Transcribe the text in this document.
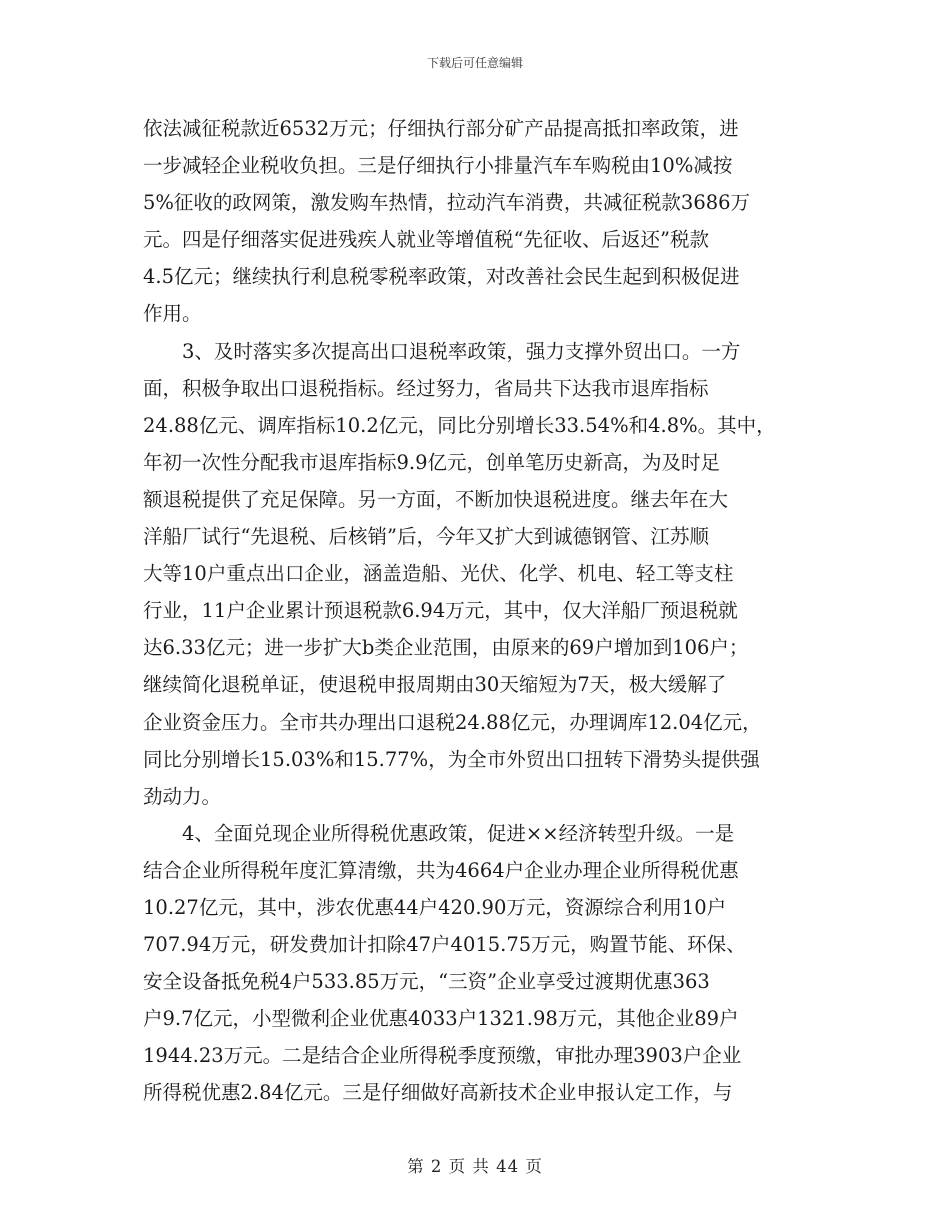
下载后可任意编辑
依法减征税款近6532万元；仔细执行部分矿产品提高抵扣率政策，进
一步减轻企业税收负担。三是仔细执行小排量汽车车购税由10%减按
5%征收的政网策，激发购车热情，拉动汽车消费，共减征税款3686万
元。四是仔细落实促进残疾人就业等增值税“先征收、后返还”税款
4.5亿元；继续执行利息税零税率政策，对改善社会民生起到积极促进
作用。
　　3、及时落实多次提高出口退税率政策，强力支撑外贸出口。一方
面，积极争取出口退税指标。经过努力，省局共下达我市退库指标
24.88亿元、调库指标10.2亿元，同比分别增长33.54%和4.8%。其中，
年初一次性分配我市退库指标9.9亿元，创单笔历史新高，为及时足
额退税提供了充足保障。另一方面，不断加快退税进度。继去年在大
洋船厂试行“先退税、后核销”后，今年又扩大到诚德钢管、江苏顺
大等10户重点出口企业，涵盖造船、光伏、化学、机电、轻工等支柱
行业，11户企业累计预退税款6.94万元，其中，仅大洋船厂预退税就
达6.33亿元；进一步扩大b类企业范围，由原来的69户增加到106户；
继续简化退税单证，使退税申报周期由30天缩短为7天，极大缓解了
企业资金压力。全市共办理出口退税24.88亿元，办理调库12.04亿元，
同比分别增长15.03%和15.77%，为全市外贸出口扭转下滑势头提供强
劲动力。
　　4、全面兑现企业所得税优惠政策，促进××经济转型升级。一是
结合企业所得税年度汇算清缴，共为4664户企业办理企业所得税优惠
10.27亿元，其中，涉农优惠44户420.90万元，资源综合利用10户
707.94万元，研发费加计扣除47户4015.75万元，购置节能、环保、
安全设备抵免税4户533.85万元，“三资”企业享受过渡期优惠363
户9.7亿元，小型微利企业优惠4033户1321.98万元，其他企业89户
1944.23万元。二是结合企业所得税季度预缴，审批办理3903户企业
所得税优惠2.84亿元。三是仔细做好高新技术企业申报认定工作，与
第 2 页 共 44 页
